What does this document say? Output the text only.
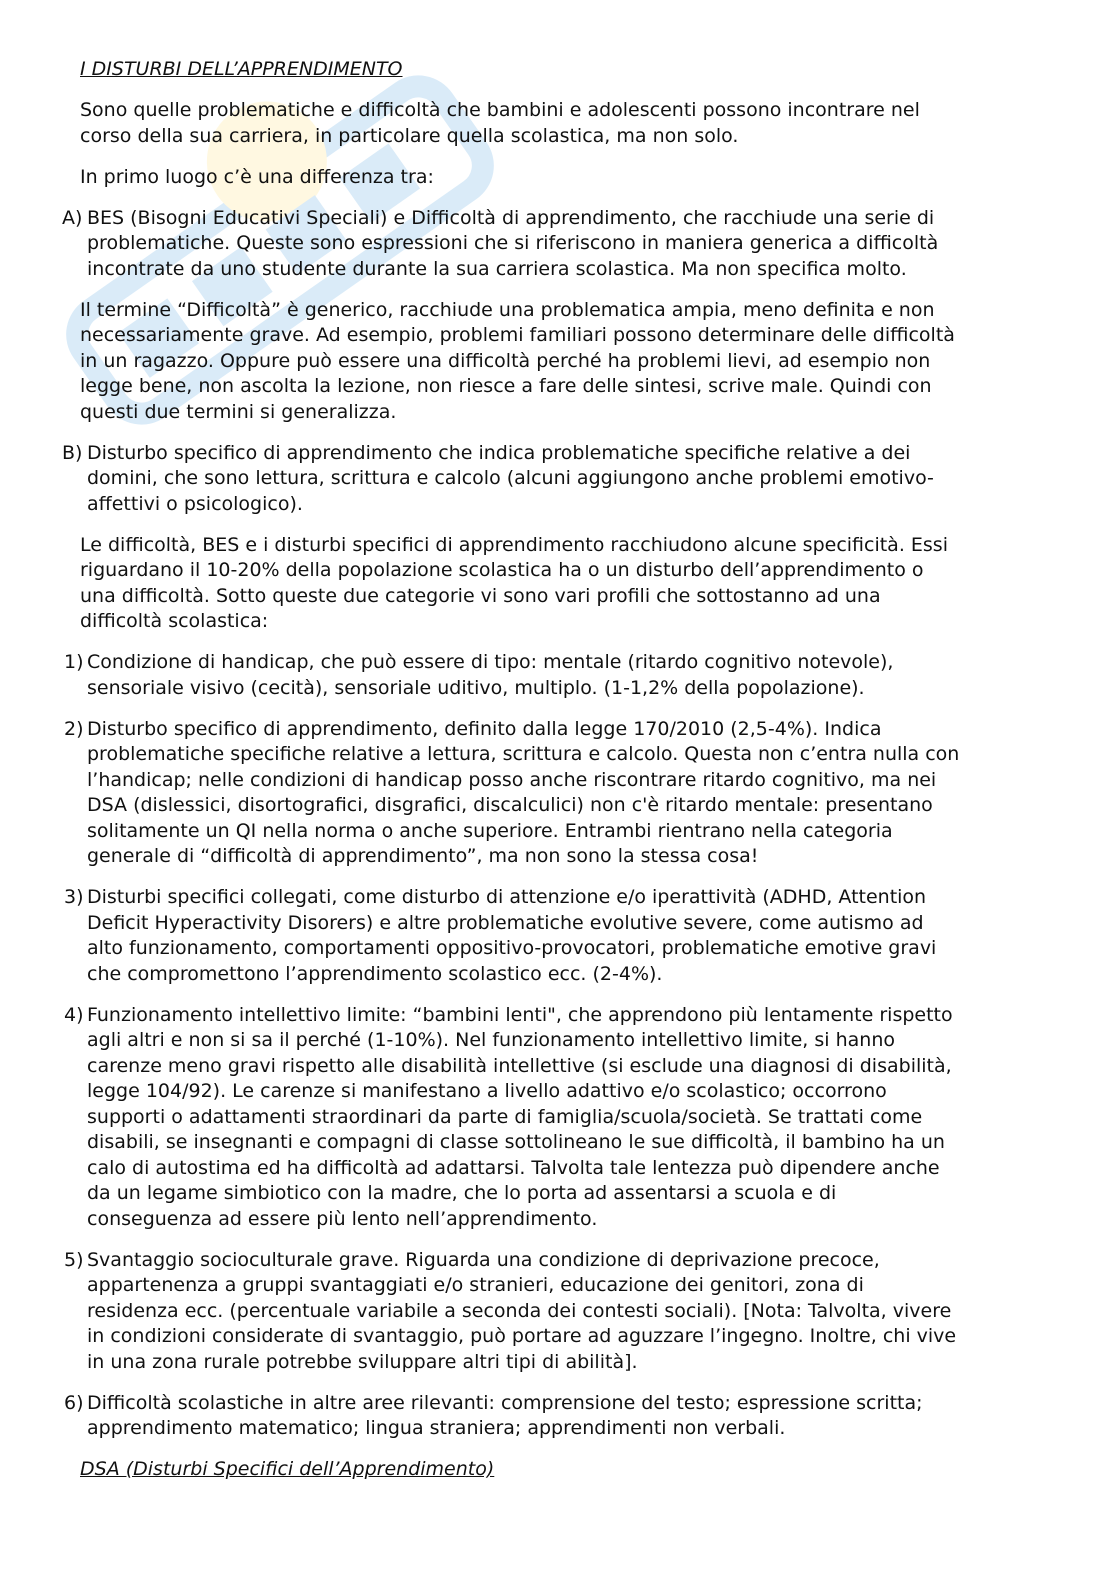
I DISTURBI DELL’APPRENDIMENTO
Sono quelle problematiche e difficoltà che bambini e adolescenti possono incontrare nel
corso della sua carriera, in particolare quella scolastica, ma non solo.
In primo luogo c’è una differenza tra:
A) BES (Bisogni Educativi Speciali) e Difficoltà di apprendimento, che racchiude una serie di
problematiche. Queste sono espressioni che si riferiscono in maniera generica a difficoltà
incontrate da uno studente durante la sua carriera scolastica. Ma non specifica molto.
Il termine “Difficoltà” è generico, racchiude una problematica ampia, meno definita e non
necessariamente grave. Ad esempio, problemi familiari possono determinare delle difficoltà
in un ragazzo. Oppure può essere una difficoltà perché ha problemi lievi, ad esempio non
legge bene, non ascolta la lezione, non riesce a fare delle sintesi, scrive male. Quindi con
questi due termini si generalizza.
B) Disturbo specifico di apprendimento che indica problematiche specifiche relative a dei
domini, che sono lettura, scrittura e calcolo (alcuni aggiungono anche problemi emotivo-
affettivi o psicologico).
Le difficoltà, BES e i disturbi specifici di apprendimento racchiudono alcune specificità. Essi
riguardano il 10-20% della popolazione scolastica ha o un disturbo dell’apprendimento o
una difficoltà. Sotto queste due categorie vi sono vari profili che sottostanno ad una
difficoltà scolastica:
1) Condizione di handicap, che può essere di tipo: mentale (ritardo cognitivo notevole),
sensoriale visivo (cecità), sensoriale uditivo, multiplo. (1-1,2% della popolazione).
2) Disturbo specifico di apprendimento, definito dalla legge 170/2010 (2,5-4%). Indica
problematiche specifiche relative a lettura, scrittura e calcolo. Questa non c’entra nulla con
l’handicap; nelle condizioni di handicap posso anche riscontrare ritardo cognitivo, ma nei
DSA (dislessici, disortografici, disgrafici, discalculici) non c'è ritardo mentale: presentano
solitamente un QI nella norma o anche superiore. Entrambi rientrano nella categoria
generale di “difficoltà di apprendimento”, ma non sono la stessa cosa!
3) Disturbi specifici collegati, come disturbo di attenzione e/o iperattività (ADHD, Attention
Deficit Hyperactivity Disorers) e altre problematiche evolutive severe, come autismo ad
alto funzionamento, comportamenti oppositivo-provocatori, problematiche emotive gravi
che compromettono l’apprendimento scolastico ecc. (2-4%).
4) Funzionamento intellettivo limite: “bambini lenti", che apprendono più lentamente rispetto
agli altri e non si sa il perché (1-10%). Nel funzionamento intellettivo limite, si hanno
carenze meno gravi rispetto alle disabilità intellettive (si esclude una diagnosi di disabilità,
legge 104/92). Le carenze si manifestano a livello adattivo e/o scolastico; occorrono
supporti o adattamenti straordinari da parte di famiglia/scuola/società. Se trattati come
disabili, se insegnanti e compagni di classe sottolineano le sue difficoltà, il bambino ha un
calo di autostima ed ha difficoltà ad adattarsi. Talvolta tale lentezza può dipendere anche
da un legame simbiotico con la madre, che lo porta ad assentarsi a scuola e di
conseguenza ad essere più lento nell’apprendimento.
5) Svantaggio socioculturale grave. Riguarda una condizione di deprivazione precoce,
appartenenza a gruppi svantaggiati e/o stranieri, educazione dei genitori, zona di
residenza ecc. (percentuale variabile a seconda dei contesti sociali). [Nota: Talvolta, vivere
in condizioni considerate di svantaggio, può portare ad aguzzare l’ingegno. Inoltre, chi vive
in una zona rurale potrebbe sviluppare altri tipi di abilità].
6) Difficoltà scolastiche in altre aree rilevanti: comprensione del testo; espressione scritta;
apprendimento matematico; lingua straniera; apprendimenti non verbali.
DSA (Disturbi Specifici dell’Apprendimento)
